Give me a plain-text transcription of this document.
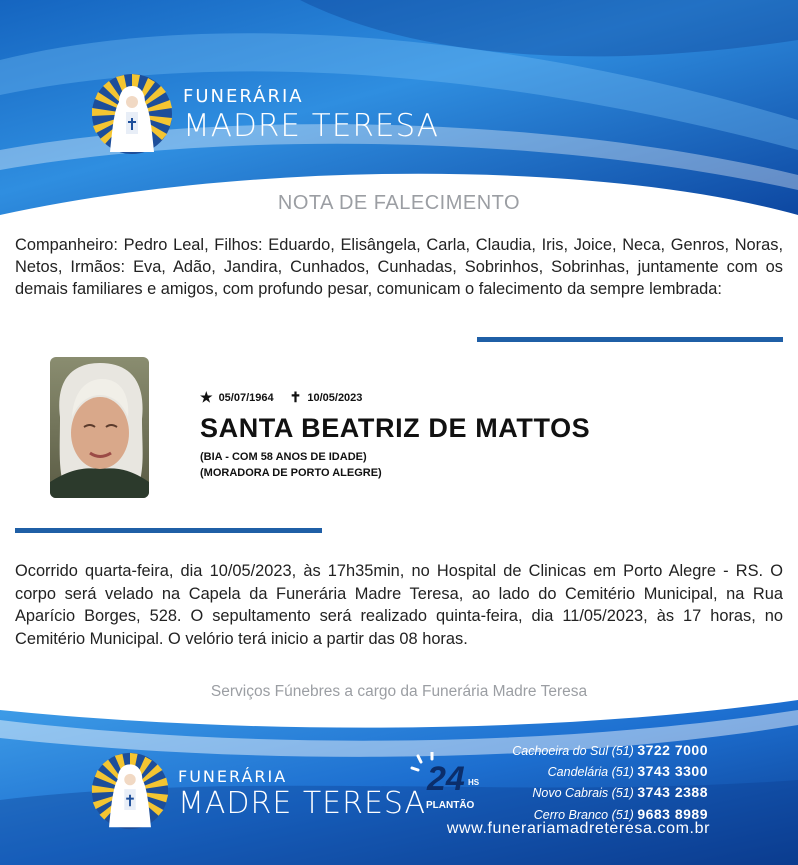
FUNERÁRIA
MADRE TERESA
NOTA DE FALECIMENTO
Companheiro: Pedro Leal, Filhos: Eduardo, Elisângela, Carla, Claudia, Iris, Joice, Neca, Genros, Noras, Netos, Irmãos: Eva, Adão, Jandira, Cunhados, Cunhadas, Sobrinhos, Sobrinhas, juntamente com os demais familiares e amigos, com profundo pesar, comunicam o falecimento da sempre lembrada:
★ 05/07/1964 ✝ 10/05/2023
SANTA BEATRIZ DE MATTOS
(BIA - COM 58 ANOS DE IDADE)
(MORADORA DE PORTO ALEGRE)
Ocorrido quarta-feira, dia 10/05/2023, às 17h35min, no Hospital de Clinicas em Porto Alegre - RS. O corpo será velado na Capela da Funerária Madre Teresa, ao lado do Cemitério Municipal, na Rua Aparício Borges, 528. O sepultamento será realizado quinta-feira, dia 11/05/2023, às 17 horas, no Cemitério Municipal. O velório terá inicio a partir das 08 horas.
Serviços Fúnebres a cargo da Funerária Madre Teresa
FUNERÁRIA
MADRE TERESA
24 HS
PLANTÃO
Cachoeira do Sul (51) 3722 7000
Candelária (51) 3743 3300
Novo Cabrais (51) 3743 2388
Cerro Branco (51) 9683 8989
www.funerariamadreteresa.com.br
